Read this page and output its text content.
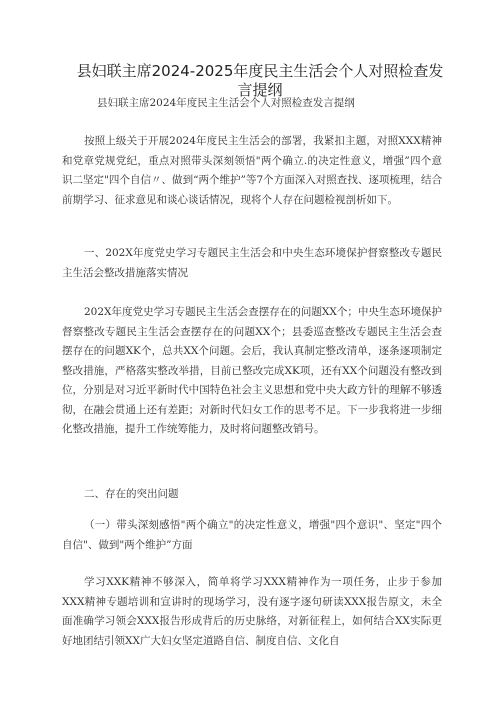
县妇联主席2024-2025年度民主生活会个人对照检查发言提纲
县妇联主席2024年度民主生活会个人对照检查发言提纲
按照上级关于开展2024年度民主生活会的部署，我紧扣主题，对照XXX精神和党章党规党纪，重点对照带头深刻领悟"两个确立.的决定性意义，增强”四个意识二坚定"四个自信〃、做到“两个维护”等7个方面深入对照查找、逐项梳理，结合前期学习、征求意见和谈心谈话情况，现将个人存在问题检视剖析如下。
一、202X年度党史学习专题民主生活会和中央生态环境保护督察整改专题民主生活会整改措施落实情况
202X年度党史学习专题民主生活会查摆存在的问题XX个；中央生态环境保护督察整改专题民主生活会查摆存在的问题XX个；县委巡查整改专题民主生活会查摆存在的问题XK个，总共XX个问题。会后，我认真制定整改清单，逐条逐项制定整改措施，严格落实整改举措，目前已整改完成XK项，还有XX个问题没有整改到位，分别是对习近平新时代中国特色社会主义思想和党中央大政方针的理解不够透彻，在融会贯通上还有差距；对新时代妇女工作的思考不足。下一步我将进一步细化整改措施，提升工作统筹能力，及时将问题整改销号。
二、存在的突出问题
（一）带头深刻感悟"两个确立"的决定性意义，增强"四个意识"、坚定"四个自信"、做到"两个维护”方面
学习XXK精神不够深入，简单将学习XXX精神作为一项任务，止步于参加XXX精神专题培训和宣讲时的现场学习，没有逐字逐句研读XXX报告原文，未全面准确学习领会XXX报告形成背后的历史脉络，对新征程上，如何结合XX实际更好地团结引领XX广大妇女坚定道路自信、制度自信、文化自
